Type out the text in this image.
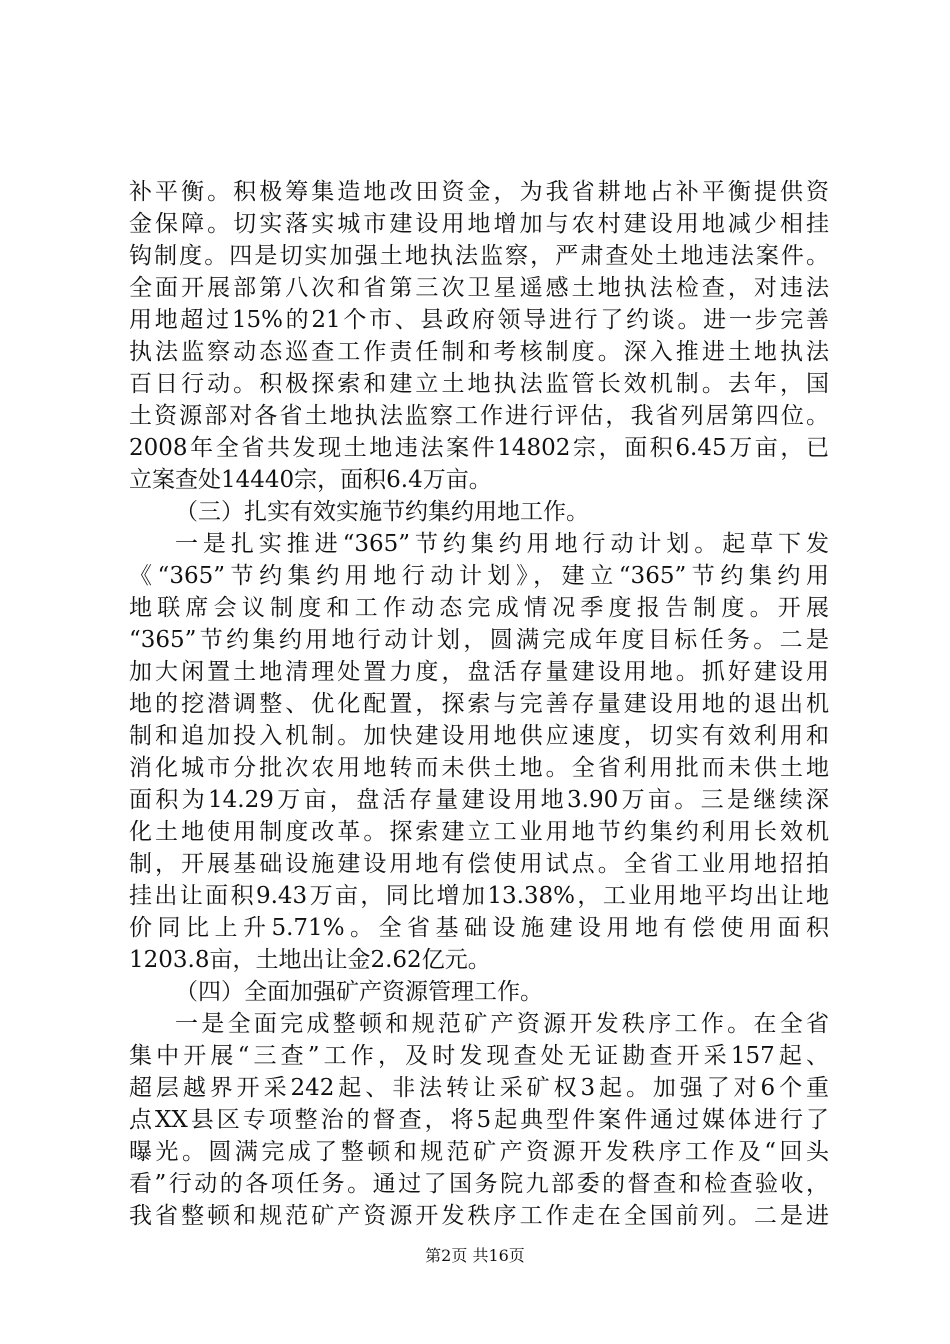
补平衡。积极筹集造地改田资金，为我省耕地占补平衡提供资
金保障。切实落实城市建设用地增加与农村建设用地减少相挂
钩制度。四是切实加强土地执法监察，严肃查处土地违法案件。
全面开展部第八次和省第三次卫星遥感土地执法检查，对违法
用地超过15%的21个市、县政府领导进行了约谈。进一步完善
执法监察动态巡查工作责任制和考核制度。深入推进土地执法
百日行动。积极探索和建立土地执法监管长效机制。去年，国
土资源部对各省土地执法监察工作进行评估，我省列居第四位。
2008年全省共发现土地违法案件14802宗，面积6.45万亩，已
立案查处14440宗，面积6.4万亩。
（三）扎实有效实施节约集约用地工作。
一是扎实推进“365”节约集约用地行动计划。起草下发
《“365”节约集约用地行动计划》，建立“365”节约集约用
地联席会议制度和工作动态完成情况季度报告制度。开展
“365”节约集约用地行动计划，圆满完成年度目标任务。二是
加大闲置土地清理处置力度，盘活存量建设用地。抓好建设用
地的挖潜调整、优化配置，探索与完善存量建设用地的退出机
制和追加投入机制。加快建设用地供应速度，切实有效利用和
消化城市分批次农用地转而未供土地。全省利用批而未供土地
面积为14.29万亩，盘活存量建设用地3.90万亩。三是继续深
化土地使用制度改革。探索建立工业用地节约集约利用长效机
制，开展基础设施建设用地有偿使用试点。全省工业用地招拍
挂出让面积9.43万亩，同比增加13.38%，工业用地平均出让地
价同比上升5.71%。全省基础设施建设用地有偿使用面积
1203.8亩，土地出让金2.62亿元。
（四）全面加强矿产资源管理工作。
一是全面完成整顿和规范矿产资源开发秩序工作。在全省
集中开展“三查”工作，及时发现查处无证勘查开采157起、
超层越界开采242起、非法转让采矿权3起。加强了对6个重
点XX县区专项整治的督查，将5起典型件案件通过媒体进行了
曝光。圆满完成了整顿和规范矿产资源开发秩序工作及“回头
看”行动的各项任务。通过了国务院九部委的督查和检查验收，
我省整顿和规范矿产资源开发秩序工作走在全国前列。二是进
第2页 共16页
